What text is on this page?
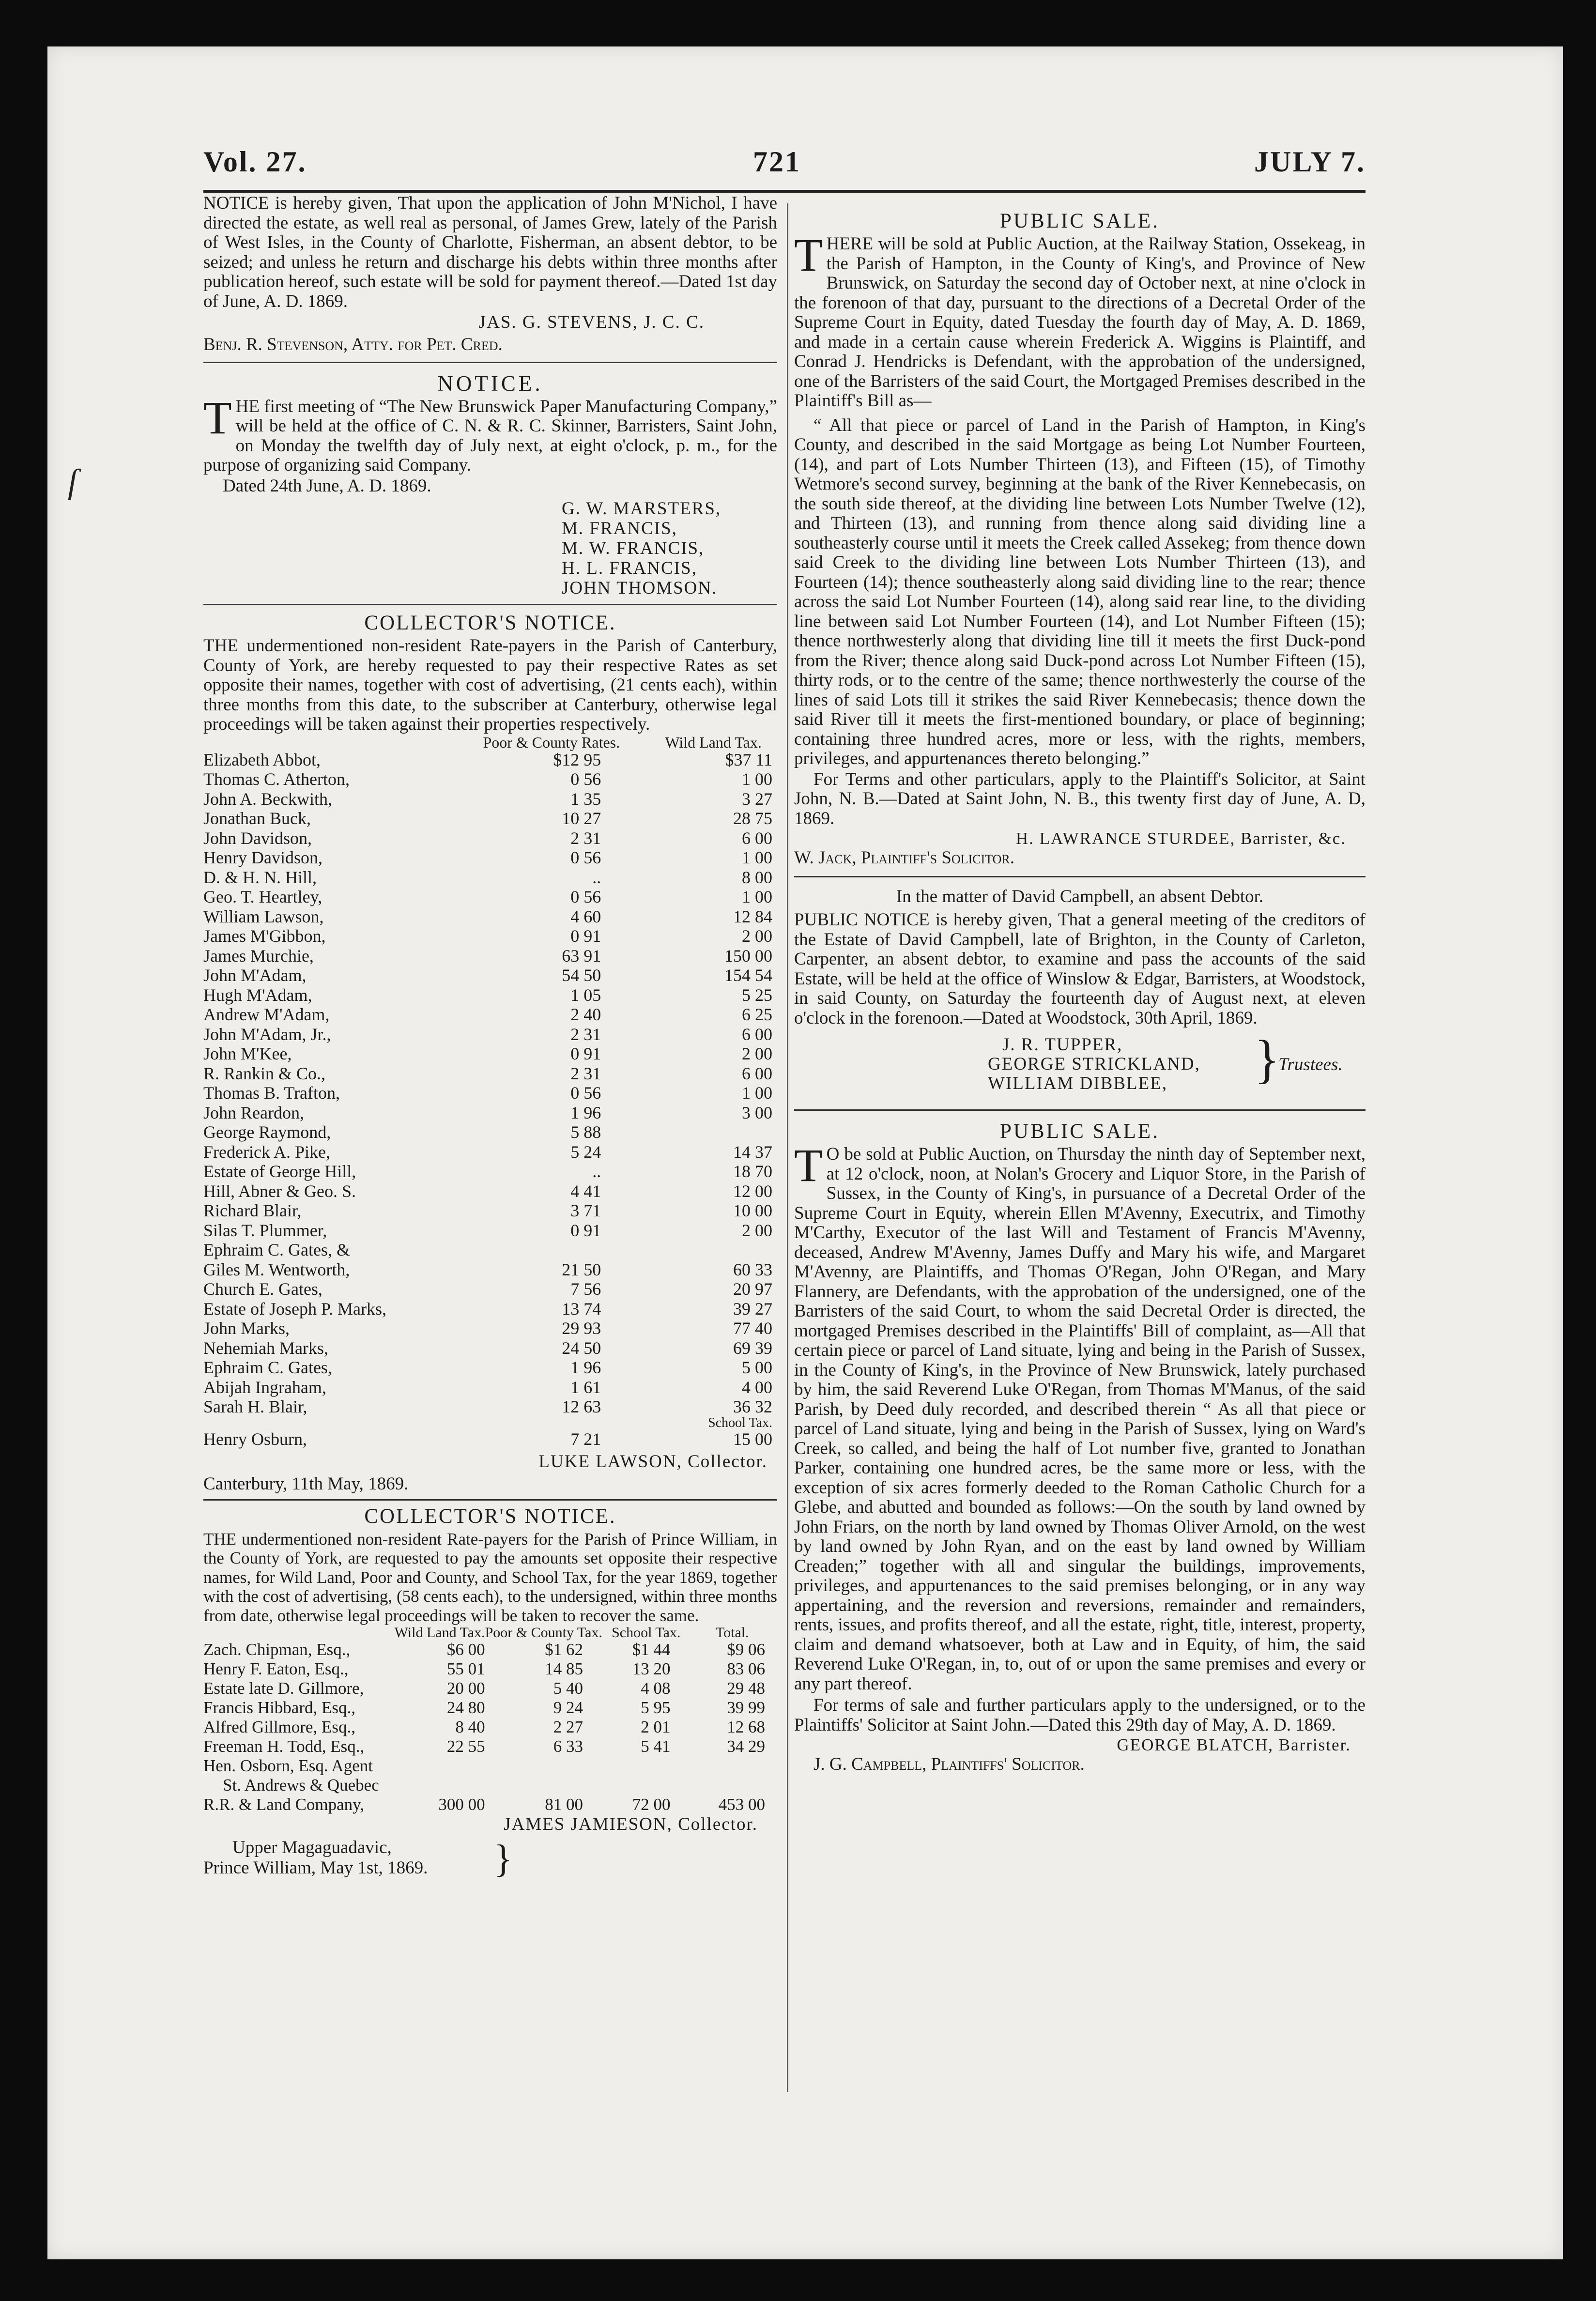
ſ
Vol. 27.	721	JULY 7.

NOTICE is hereby given, That upon the application of John M'Nichol, I have directed the estate, as well real as personal, of James Grew, lately of the Parish of West Isles, in the County of Charlotte, Fisherman, an absent debtor, to be seized; and unless he return and discharge his debts within three months after publication hereof, such estate will be sold for payment thereof.—Dated 1st day of June, A. D. 1869.

JAS. G. STEVENS, J. C. C.

Benj. R. Stevenson, Atty. for Pet. Cred.

NOTICE.

THE first meeting of “The New Brunswick Paper Manufacturing Company,” will be held at the office of C. N. & R. C. Skinner, Barristers, Saint John, on Monday the twelfth day of July next, at eight o'clock, p. m., for the purpose of organizing said Company.

Dated 24th June, A. D. 1869.

G. W. MARSTERS,

M. FRANCIS,

M. W. FRANCIS,

H. L. FRANCIS,

JOHN THOMSON.

COLLECTOR'S NOTICE.

THE undermentioned non-resident Rate-payers in the Parish of Canterbury, County of York, are hereby requested to pay their respective Rates as set opposite their names, together with cost of advertising, (21 cents each), within three months from this date, to the subscriber at Canterbury, otherwise legal proceedings will be taken against their properties respectively.

	Poor & County Rates.	Wild Land Tax.
Elizabeth Abbot,	$12 95	$37 11
Thomas C. Atherton,	0 56	1 00
John A. Beckwith,	1 35	3 27
Jonathan Buck,	10 27	28 75
John Davidson,	2 31	6 00
Henry Davidson,	0 56	1 00
D. & H. N. Hill,	..	8 00
Geo. T. Heartley,	0 56	1 00
William Lawson,	4 60	12 84
James M'Gibbon,	0 91	2 00
James Murchie,	63 91	150 00
John M'Adam,	54 50	154 54
Hugh M'Adam,	1 05	5 25
Andrew M'Adam,	2 40	6 25
John M'Adam, Jr.,	2 31	6 00
John M'Kee,	0 91	2 00
R. Rankin & Co.,	2 31	6 00
Thomas B. Trafton,	0 56	1 00
John Reardon,	1 96	3 00
George Raymond,	5 88	
Frederick A. Pike,	5 24	14 37
Estate of George Hill,	..	18 70
Hill, Abner & Geo. S.	4 41	12 00
Richard Blair,	3 71	10 00
Silas T. Plummer,	0 91	2 00
Ephraim C. Gates, &		
Giles M. Wentworth,	21 50	60 33
Church E. Gates,	7 56	20 97
Estate of Joseph P. Marks,	13 74	39 27
John Marks,	29 93	77 40
Nehemiah Marks,	24 50	69 39
Ephraim C. Gates,	1 96	5 00
Abijah Ingraham,	1 61	4 00
Sarah H. Blair,	12 63	36 32
		School Tax.
Henry Osburn,	7 21	15 00

LUKE LAWSON, Collector.

Canterbury, 11th May, 1869.

COLLECTOR'S NOTICE.

THE undermentioned non-resident Rate-payers for the Parish of Prince William, in the County of York, are requested to pay the amounts set opposite their respective names, for Wild Land, Poor and County, and School Tax, for the year 1869, together with the cost of advertising, (58 cents each), to the undersigned, within three months from date, otherwise legal proceedings will be taken to recover the same.

	Wild Land Tax.	Poor & County Tax.	School Tax.	Total.
Zach. Chipman, Esq.,	$6 00	$1 62	$1 44	$9 06
Henry F. Eaton, Esq.,	55 01	14 85	13 20	83 06
Estate late D. Gillmore,	20 00	5 40	4 08	29 48
Francis Hibbard, Esq.,	24 80	9 24	5 95	39 99
Alfred Gillmore, Esq.,	8 40	2 27	2 01	12 68
Freeman H. Todd, Esq.,	22 55	6 33	5 41	34 29
Hen. Osborn, Esq. Agent				
St. Andrews & Quebec				
R.R. & Land Company,	300 00	81 00	72 00	453 00

JAMES JAMIESON, Collector.

Upper Magaguadavic,

Prince William, May 1st, 1869. }

PUBLIC SALE.

THERE will be sold at Public Auction, at the Railway Station, Ossekeag, in the Parish of Hampton, in the County of King's, and Province of New Brunswick, on Saturday the second day of October next, at nine o'clock in the forenoon of that day, pursuant to the directions of a Decretal Order of the Supreme Court in Equity, dated Tuesday the fourth day of May, A. D. 1869, and made in a certain cause wherein Frederick A. Wiggins is Plaintiff, and Conrad J. Hendricks is Defendant, with the approbation of the undersigned, one of the Barristers of the said Court, the Mortgaged Premises described in the Plaintiff's Bill as—

“ All that piece or parcel of Land in the Parish of Hampton, in King's County, and described in the said Mortgage as being Lot Number Fourteen, (14), and part of Lots Number Thirteen (13), and Fifteen (15), of Timothy Wetmore's second survey, beginning at the bank of the River Kennebecasis, on the south side thereof, at the dividing line between Lots Number Twelve (12), and Thirteen (13), and running from thence along said dividing line a southeasterly course until it meets the Creek called Assekeg; from thence down said Creek to the dividing line between Lots Number Thirteen (13), and Fourteen (14); thence southeasterly along said dividing line to the rear; thence across the said Lot Number Fourteen (14), along said rear line, to the dividing line between said Lot Number Fourteen (14), and Lot Number Fifteen (15); thence northwesterly along that dividing line till it meets the first Duck-pond from the River; thence along said Duck-pond across Lot Number Fifteen (15), thirty rods, or to the centre of the same; thence northwesterly the course of the lines of said Lots till it strikes the said River Kennebecasis; thence down the said River till it meets the first-mentioned boundary, or place of beginning; containing three hundred acres, more or less, with the rights, members, privileges, and appurtenances thereto belonging.”

For Terms and other particulars, apply to the Plaintiff's Solicitor, at Saint John, N. B.—Dated at Saint John, N. B., this twenty first day of June, A. D, 1869.

H. LAWRANCE STURDEE, Barrister, &c.

W. Jack, Plaintiff's Solicitor.

In the matter of David Campbell, an absent Debtor.

PUBLIC NOTICE is hereby given, That a general meeting of the creditors of the Estate of David Campbell, late of Brighton, in the County of Carleton, Carpenter, an absent debtor, to examine and pass the accounts of the said Estate, will be held at the office of Winslow & Edgar, Barristers, at Woodstock, in said County, on Saturday the fourteenth day of August next, at eleven o'clock in the forenoon.—Dated at Woodstock, 30th April, 1869.

J. R. TUPPER,

GEORGE STRICKLAND,

WILLIAM DIBBLEE, }

Trustees.

PUBLIC SALE.

T O be sold at Public Auction, on Thursday the ninth day of September next, at 12 o'clock, noon, at Nolan's Grocery and Liquor Store, in the Parish of Sussex, in the County of King's, in pursuance of a Decretal Order of the Supreme Court in Equity, wherein Ellen M'Avenny, Executrix, and Timothy M'Carthy, Executor of the last Will and Testament of Francis M'Avenny, deceased, Andrew M'Avenny, James Duffy and Mary his wife, and Margaret M'Avenny, are Plaintiffs, and Thomas O'Regan, John O'Regan, and Mary Flannery, are Defendants, with the approbation of the undersigned, one of the Barristers of the said Court, to whom the said Decretal Order is directed, the mortgaged Premises described in the Plaintiffs' Bill of complaint, as—All that certain piece or parcel of Land situate, lying and being in the Parish of Sussex, in the County of King's, in the Province of New Brunswick, lately purchased by him, the said Reverend Luke O'Regan, from Thomas M'Manus, of the said Parish, by Deed duly recorded, and described therein “ As all that piece or parcel of Land situate, lying and being in the Parish of Sussex, lying on Ward's Creek, so called, and being the half of Lot number five, granted to Jonathan Parker, containing one hundred acres, be the same more or less, with the exception of six acres formerly deeded to the Roman Catholic Church for a Glebe, and abutted and bounded as follows:—On the south by land owned by John Friars, on the north by land owned by Thomas Oliver Arnold, on the west by land owned by John Ryan, and on the east by land owned by William Creaden;” together with all and singular the buildings, improvements, privileges, and appurtenances to the said premises belonging, or in any way appertaining, and the reversion and reversions, remainder and remainders, rents, issues, and profits thereof, and all the estate, right, title, interest, property, claim and demand whatsoever, both at Law and in Equity, of him, the said Reverend Luke O'Regan, in, to, out of or upon the same premises and every or any part thereof.

For terms of sale and further particulars apply to the undersigned, or to the Plaintiffs' Solicitor at Saint John.—Dated this 29th day of May, A. D. 1869.

GEORGE BLATCH, Barrister.

J. G. Campbell, Plaintiffs' Solicitor.
